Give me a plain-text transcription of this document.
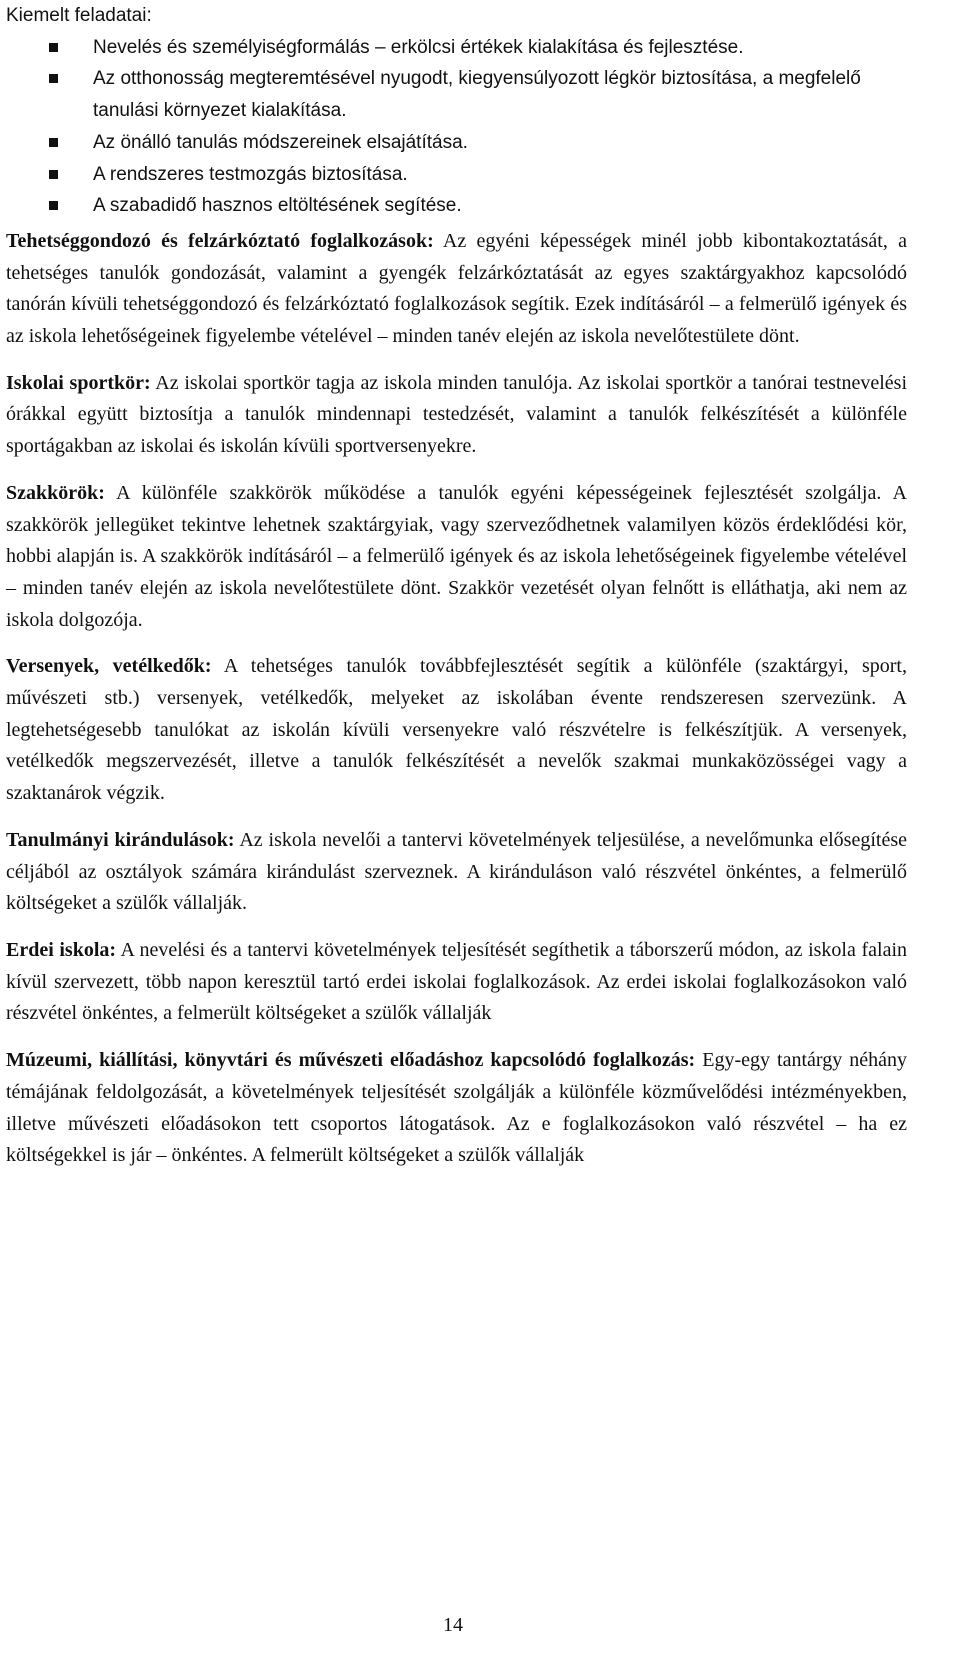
Kiemelt feladatai:

Nevelés és személyiségformálás – erkölcsi értékek kialakítása és fejlesztése.
Az otthonosság megteremtésével nyugodt, kiegyensúlyozott légkör biztosítása, a megfelelő tanulási környezet kialakítása.
Az önálló tanulás módszereinek elsajátítása.
A rendszeres testmozgás biztosítása.
A szabadidő hasznos eltöltésének segítése.

Tehetséggondozó és felzárkóztató foglalkozások: Az egyéni képességek minél jobb kibontakoztatását, a tehetséges tanulók gondozását, valamint a gyengék felzárkóztatását az egyes szaktárgyakhoz kapcsolódó tanórán kívüli tehetséggondozó és felzárkóztató foglalkozások segítik. Ezek indításáról – a felmerülő igények és az iskola lehetőségeinek figyelembe vételével – minden tanév elején az iskola nevelőtestülete dönt.

Iskolai sportkör: Az iskolai sportkör tagja az iskola minden tanulója. Az iskolai sportkör a tanórai testnevelési órákkal együtt biztosítja a tanulók mindennapi testedzését, valamint a tanulók felkészítését a különféle sportágakban az iskolai és iskolán kívüli sportversenyekre.

Szakkörök: A különféle szakkörök működése a tanulók egyéni képességeinek fejlesztését szolgálja. A szakkörök jellegüket tekintve lehetnek szaktárgyiak, vagy szerveződhetnek valamilyen közös érdeklődési kör, hobbi alapján is. A szakkörök indításáról – a felmerülő igények és az iskola lehetőségeinek figyelembe vételével – minden tanév elején az iskola nevelőtestülete dönt. Szakkör vezetését olyan felnőtt is elláthatja, aki nem az iskola dolgozója.

Versenyek, vetélkedők: A tehetséges tanulók továbbfejlesztését segítik a különféle (szaktárgyi, sport, művészeti stb.) versenyek, vetélkedők, melyeket az iskolában évente rendszeresen szervezünk. A legtehetségesebb tanulókat az iskolán kívüli versenyekre való részvételre is felkészítjük. A versenyek, vetélkedők megszervezését, illetve a tanulók felkészítését a nevelők szakmai munkaközösségei vagy a szaktanárok végzik.

Tanulmányi kirándulások: Az iskola nevelői a tantervi követelmények teljesülése, a nevelőmunka elősegítése céljából az osztályok számára kirándulást szerveznek. A kiránduláson való részvétel önkéntes, a felmerülő költségeket a szülők vállalják.

Erdei iskola: A nevelési és a tantervi követelmények teljesítését segíthetik a táborszerű módon, az iskola falain kívül szervezett, több napon keresztül tartó erdei iskolai foglalkozások. Az erdei iskolai foglalkozásokon való részvétel önkéntes, a felmerült költségeket a szülők vállalják

Múzeumi, kiállítási, könyvtári és művészeti előadáshoz kapcsolódó foglalkozás: Egy-egy tantárgy néhány témájának feldolgozását, a követelmények teljesítését szolgálják a különféle közművelődési intézményekben, illetve művészeti előadásokon tett csoportos látogatások. Az e foglalkozásokon való részvétel – ha ez költségekkel is jár – önkéntes. A felmerült költségeket a szülők vállalják

14
